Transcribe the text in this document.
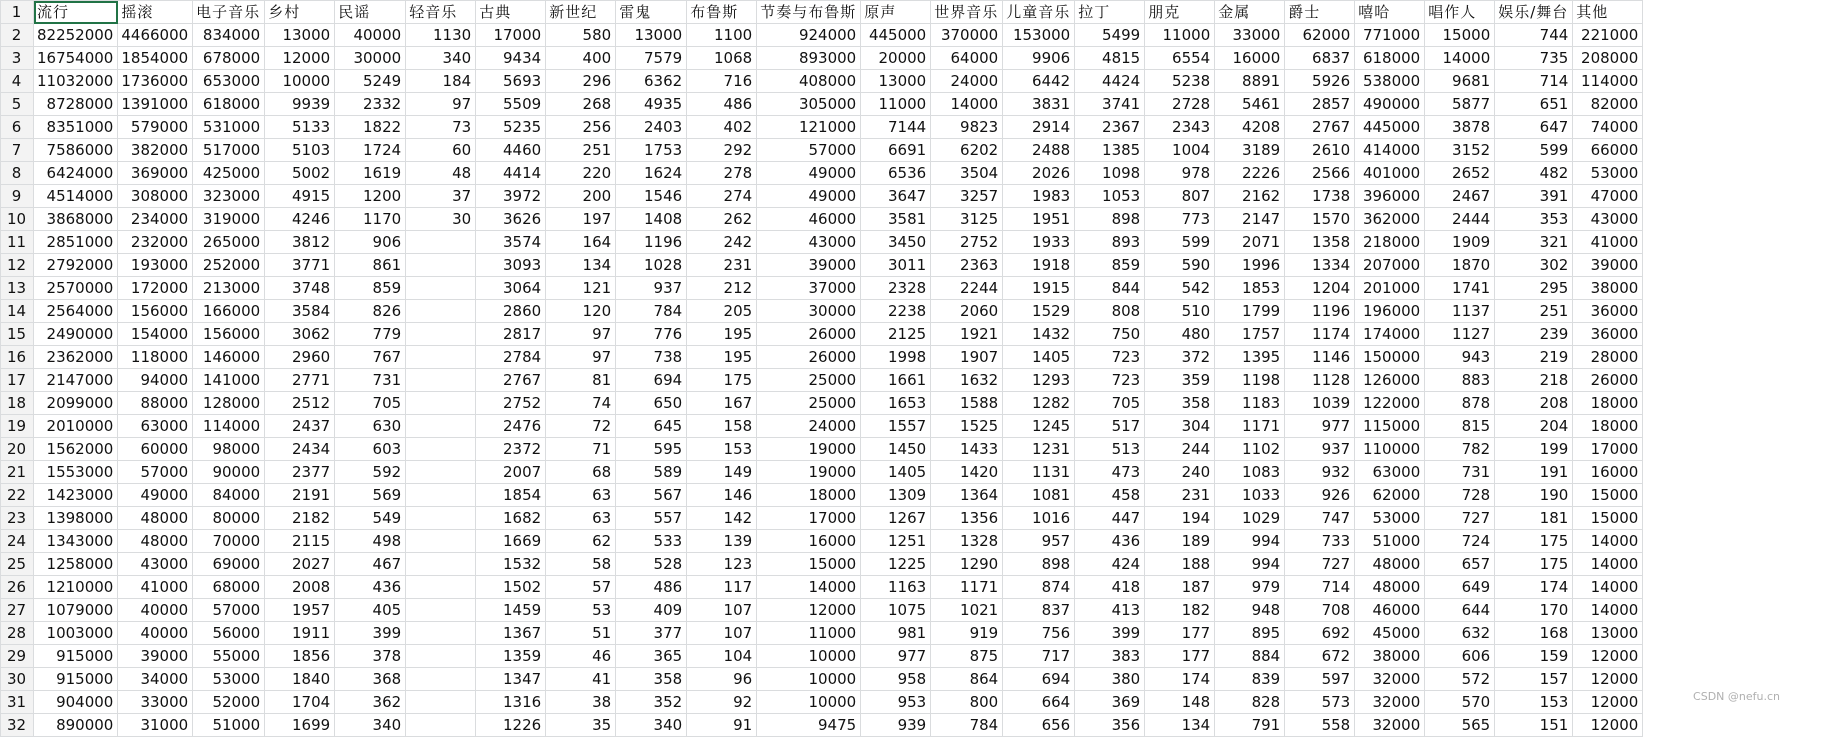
1	流行	摇滚	电子音乐	乡村	民谣	轻音乐	古典	新世纪	雷鬼	布鲁斯	节奏与布鲁斯	原声	世界音乐	儿童音乐	拉丁	朋克	金属	爵士	嘻哈	唱作人	娱乐/舞台	其他
2	82252000	4466000	834000	13000	40000	1130	17000	580	13000	1100	924000	445000	370000	153000	5499	11000	33000	62000	771000	15000	744	221000
3	16754000	1854000	678000	12000	30000	340	9434	400	7579	1068	893000	20000	64000	9906	4815	6554	16000	6837	618000	14000	735	208000
4	11032000	1736000	653000	10000	5249	184	5693	296	6362	716	408000	13000	24000	6442	4424	5238	8891	5926	538000	9681	714	114000
5	8728000	1391000	618000	9939	2332	97	5509	268	4935	486	305000	11000	14000	3831	3741	2728	5461	2857	490000	5877	651	82000
6	8351000	579000	531000	5133	1822	73	5235	256	2403	402	121000	7144	9823	2914	2367	2343	4208	2767	445000	3878	647	74000
7	7586000	382000	517000	5103	1724	60	4460	251	1753	292	57000	6691	6202	2488	1385	1004	3189	2610	414000	3152	599	66000
8	6424000	369000	425000	5002	1619	48	4414	220	1624	278	49000	6536	3504	2026	1098	978	2226	2566	401000	2652	482	53000
9	4514000	308000	323000	4915	1200	37	3972	200	1546	274	49000	3647	3257	1983	1053	807	2162	1738	396000	2467	391	47000
10	3868000	234000	319000	4246	1170	30	3626	197	1408	262	46000	3581	3125	1951	898	773	2147	1570	362000	2444	353	43000
11	2851000	232000	265000	3812	906		3574	164	1196	242	43000	3450	2752	1933	893	599	2071	1358	218000	1909	321	41000
12	2792000	193000	252000	3771	861		3093	134	1028	231	39000	3011	2363	1918	859	590	1996	1334	207000	1870	302	39000
13	2570000	172000	213000	3748	859		3064	121	937	212	37000	2328	2244	1915	844	542	1853	1204	201000	1741	295	38000
14	2564000	156000	166000	3584	826		2860	120	784	205	30000	2238	2060	1529	808	510	1799	1196	196000	1137	251	36000
15	2490000	154000	156000	3062	779		2817	97	776	195	26000	2125	1921	1432	750	480	1757	1174	174000	1127	239	36000
16	2362000	118000	146000	2960	767		2784	97	738	195	26000	1998	1907	1405	723	372	1395	1146	150000	943	219	28000
17	2147000	94000	141000	2771	731		2767	81	694	175	25000	1661	1632	1293	723	359	1198	1128	126000	883	218	26000
18	2099000	88000	128000	2512	705		2752	74	650	167	25000	1653	1588	1282	705	358	1183	1039	122000	878	208	18000
19	2010000	63000	114000	2437	630		2476	72	645	158	24000	1557	1525	1245	517	304	1171	977	115000	815	204	18000
20	1562000	60000	98000	2434	603		2372	71	595	153	19000	1450	1433	1231	513	244	1102	937	110000	782	199	17000
21	1553000	57000	90000	2377	592		2007	68	589	149	19000	1405	1420	1131	473	240	1083	932	63000	731	191	16000
22	1423000	49000	84000	2191	569		1854	63	567	146	18000	1309	1364	1081	458	231	1033	926	62000	728	190	15000
23	1398000	48000	80000	2182	549		1682	63	557	142	17000	1267	1356	1016	447	194	1029	747	53000	727	181	15000
24	1343000	48000	70000	2115	498		1669	62	533	139	16000	1251	1328	957	436	189	994	733	51000	724	175	14000
25	1258000	43000	69000	2027	467		1532	58	528	123	15000	1225	1290	898	424	188	994	727	48000	657	175	14000
26	1210000	41000	68000	2008	436		1502	57	486	117	14000	1163	1171	874	418	187	979	714	48000	649	174	14000
27	1079000	40000	57000	1957	405		1459	53	409	107	12000	1075	1021	837	413	182	948	708	46000	644	170	14000
28	1003000	40000	56000	1911	399		1367	51	377	107	11000	981	919	756	399	177	895	692	45000	632	168	13000
29	915000	39000	55000	1856	378		1359	46	365	104	10000	977	875	717	383	177	884	672	38000	606	159	12000
30	915000	34000	53000	1840	368		1347	41	358	96	10000	958	864	694	380	174	839	597	32000	572	157	12000
31	904000	33000	52000	1704	362		1316	38	352	92	10000	953	800	664	369	148	828	573	32000	570	153	12000
32	890000	31000	51000	1699	340		1226	35	340	91	9475	939	784	656	356	134	791	558	32000	565	151	12000
CSDN @nefu.cn
